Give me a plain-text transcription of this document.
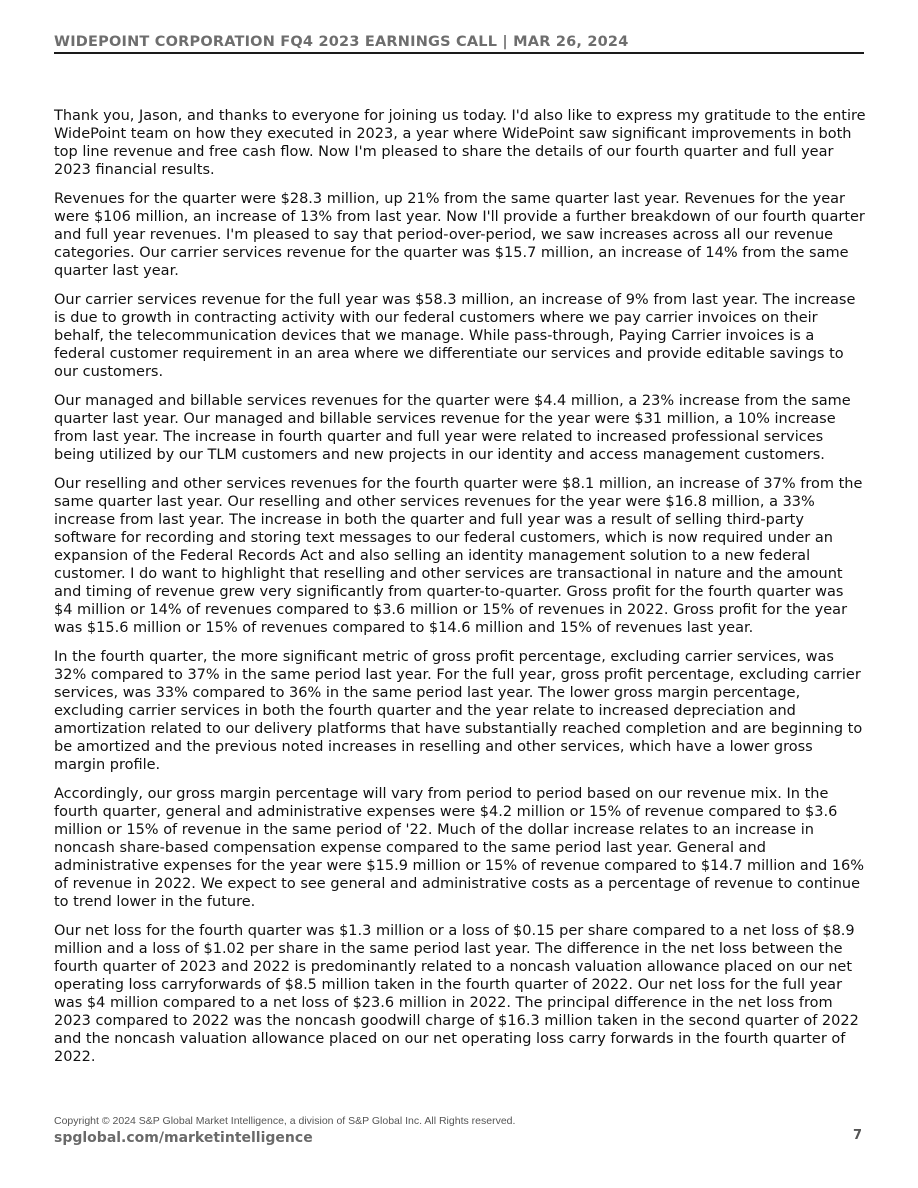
WIDEPOINT CORPORATION FQ4 2023 EARNINGS CALL | MAR 26, 2024

Thank you, Jason, and thanks to everyone for joining us today. I'd also like to express my gratitude to the entire WidePoint team on how they executed in 2023, a year where WidePoint saw significant improvements in both top line revenue and free cash flow. Now I'm pleased to share the details of our fourth quarter and full year 2023 financial results.

Revenues for the quarter were $28.3 million, up 21% from the same quarter last year. Revenues for the year were $106 million, an increase of 13% from last year. Now I'll provide a further breakdown of our fourth quarter and full year revenues. I'm pleased to say that period-over-period, we saw increases across all our revenue categories. Our carrier services revenue for the quarter was $15.7 million, an increase of 14% from the same quarter last year.

Our carrier services revenue for the full year was $58.3 million, an increase of 9% from last year. The increase is due to growth in contracting activity with our federal customers where we pay carrier invoices on their behalf, the telecommunication devices that we manage. While pass-through, Paying Carrier invoices is a federal customer requirement in an area where we differentiate our services and provide editable savings to our customers.

Our managed and billable services revenues for the quarter were $4.4 million, a 23% increase from the same quarter last year. Our managed and billable services revenue for the year were $31 million, a 10% increase from last year. The increase in fourth quarter and full year were related to increased professional services being utilized by our TLM customers and new projects in our identity and access management customers.

Our reselling and other services revenues for the fourth quarter were $8.1 million, an increase of 37% from the same quarter last year. Our reselling and other services revenues for the year were $16.8 million, a 33% increase from last year. The increase in both the quarter and full year was a result of selling third-party software for recording and storing text messages to our federal customers, which is now required under an expansion of the Federal Records Act and also selling an identity management solution to a new federal customer. I do want to highlight that reselling and other services are transactional in nature and the amount and timing of revenue grew very significantly from quarter-to-quarter. Gross profit for the fourth quarter was $4 million or 14% of revenues compared to $3.6 million or 15% of revenues in 2022. Gross profit for the year was $15.6 million or 15% of revenues compared to $14.6 million and 15% of revenues last year.

In the fourth quarter, the more significant metric of gross profit percentage, excluding carrier services, was 32% compared to 37% in the same period last year. For the full year, gross profit percentage, excluding carrier services, was 33% compared to 36% in the same period last year. The lower gross margin percentage, excluding carrier services in both the fourth quarter and the year relate to increased depreciation and amortization related to our delivery platforms that have substantially reached completion and are beginning to be amortized and the previous noted increases in reselling and other services, which have a lower gross margin profile.

Accordingly, our gross margin percentage will vary from period to period based on our revenue mix. In the fourth quarter, general and administrative expenses were $4.2 million or 15% of revenue compared to $3.6 million or 15% of revenue in the same period of '22. Much of the dollar increase relates to an increase in noncash share-based compensation expense compared to the same period last year. General and administrative expenses for the year were $15.9 million or 15% of revenue compared to $14.7 million and 16% of revenue in 2022. We expect to see general and administrative costs as a percentage of revenue to continue to trend lower in the future.

Our net loss for the fourth quarter was $1.3 million or a loss of $0.15 per share compared to a net loss of $8.9 million and a loss of $1.02 per share in the same period last year. The difference in the net loss between the fourth quarter of 2023 and 2022 is predominantly related to a noncash valuation allowance placed on our net operating loss carryforwards of $8.5 million taken in the fourth quarter of 2022. Our net loss for the full year was $4 million compared to a net loss of $23.6 million in 2022. The principal difference in the net loss from 2023 compared to 2022 was the noncash goodwill charge of $16.3 million taken in the second quarter of 2022 and the noncash valuation allowance placed on our net operating loss carry forwards in the fourth quarter of 2022.

Copyright © 2024 S&P Global Market Intelligence, a division of S&P Global Inc. All Rights reserved.
spglobal.com/marketintelligence	7
